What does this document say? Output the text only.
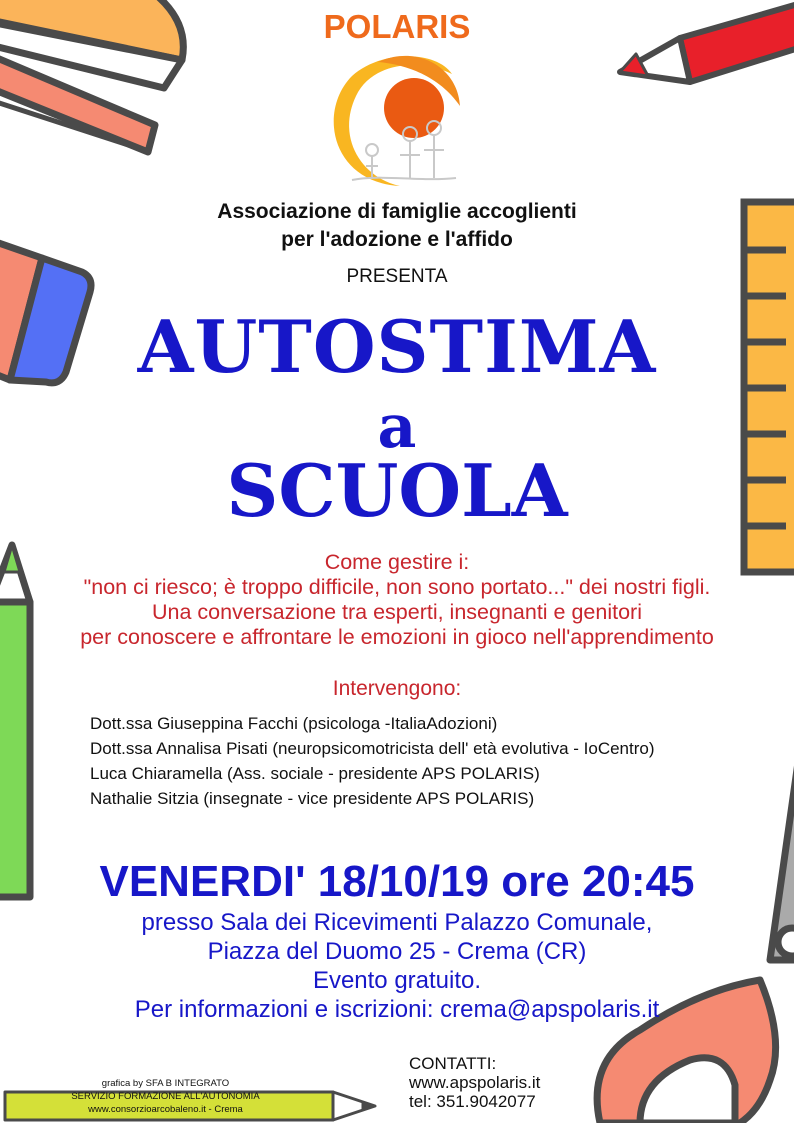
POLARIS
Associazione di famiglie accoglienti
per l'adozione e l'affido
PRESENTA
AUTOSTIMA
a
SCUOLA
Come gestire i:
"non ci riesco; è troppo difficile, non sono portato..." dei nostri figli.
Una conversazione tra esperti, insegnanti e genitori
per conoscere e affrontare le emozioni in gioco nell'apprendimento
Intervengono:
Dott.ssa Giuseppina Facchi (psicologa -ItaliaAdozioni)
Dott.ssa Annalisa Pisati (neuropsicomotricista dell' età evolutiva - IoCentro)
Luca Chiaramella (Ass. sociale - presidente APS POLARIS)
Nathalie Sitzia (insegnate - vice presidente APS POLARIS)
VENERDI' 18/10/19 ore 20:45
presso Sala dei Ricevimenti Palazzo Comunale,
Piazza del Duomo 25 - Crema (CR)
Evento gratuito.
Per informazioni e iscrizioni: crema@apspolaris.it
CONTATTI:
www.apspolaris.it
tel: 351.9042077
grafica by SFA B INTEGRATO
SERVIZIO FORMAZIONE ALL'AUTONOMIA
www.consorzioarcobaleno.it - Crema
